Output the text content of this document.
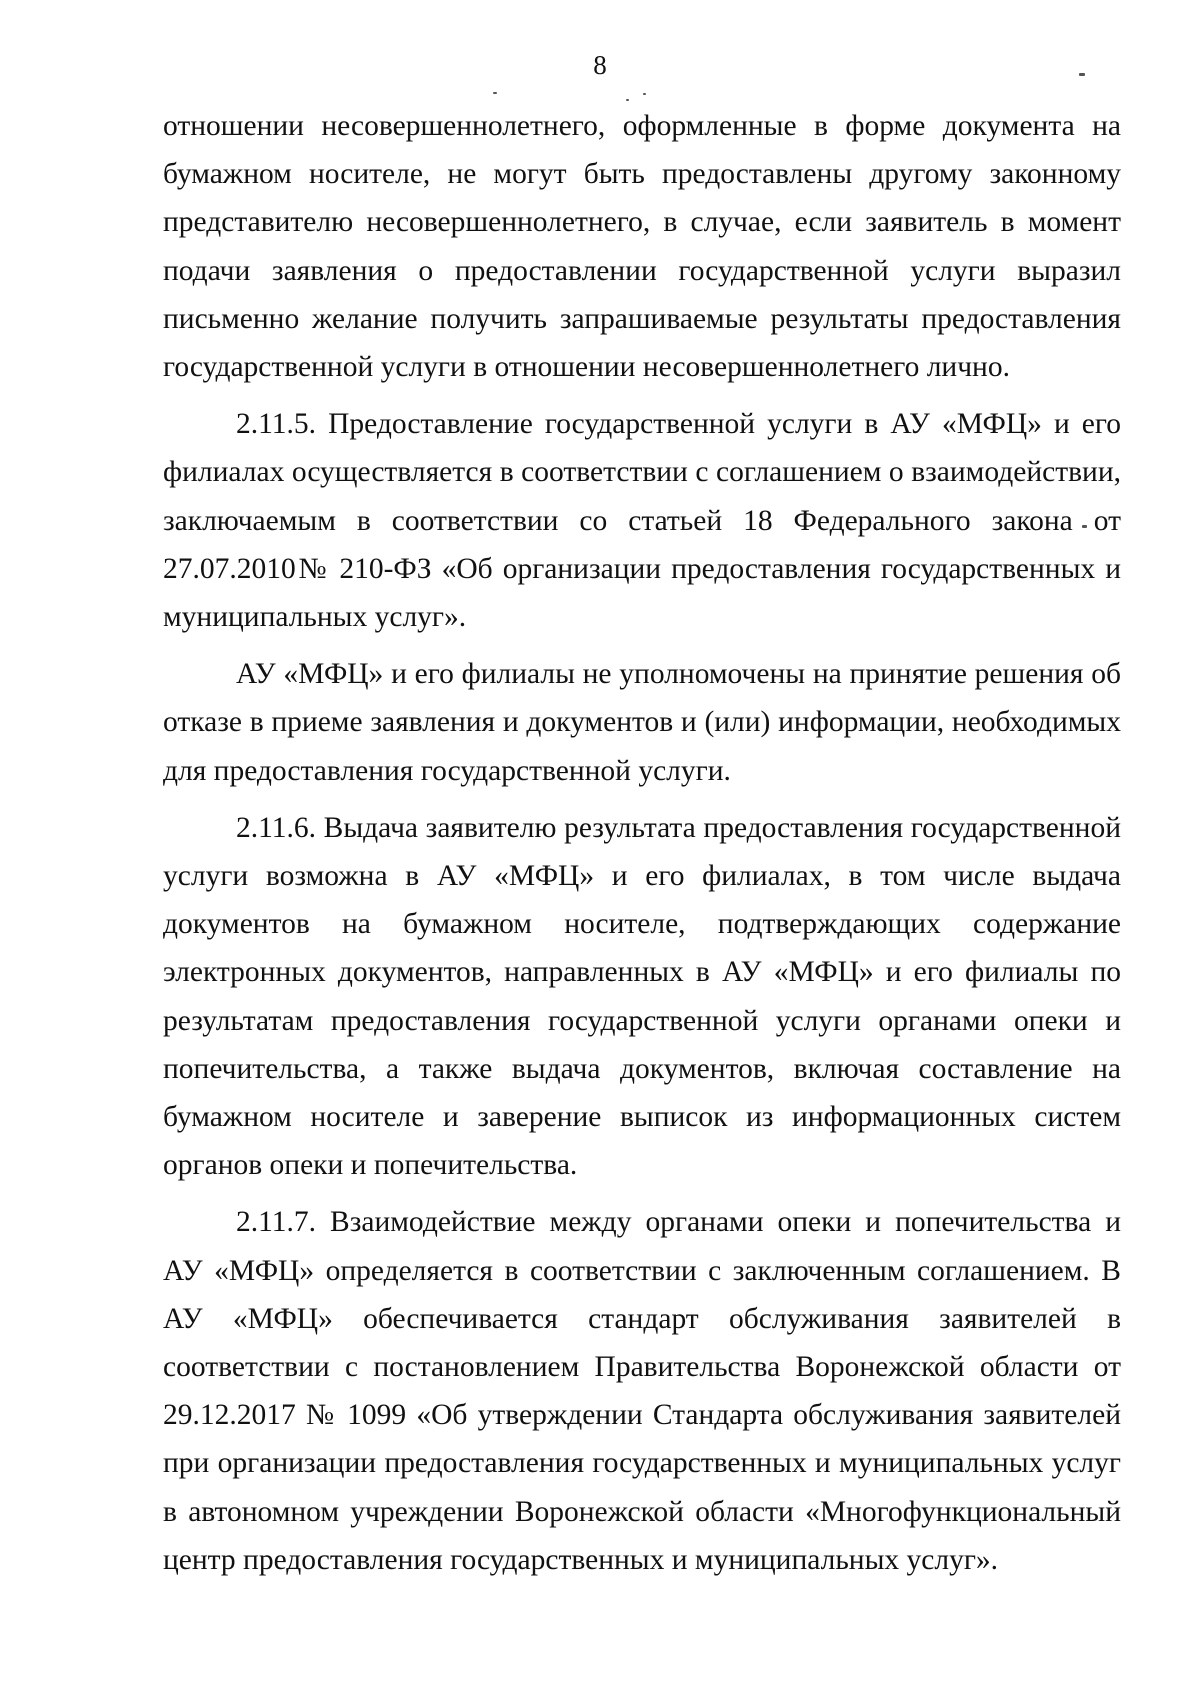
8

отношении несовершеннолетнего, оформленные в форме документа на бумажном носителе, не могут быть предоставлены другому законному представителю несовершеннолетнего, в случае, если заявитель в момент подачи заявления о предоставлении государственной услуги выразил письменно желание получить запрашиваемые результаты предоставления государственной услуги в отношении несовершеннолетнего лично.

2.11.5. Предоставление государственной услуги в АУ «МФЦ» и его филиалах осуществляется в соответствии с соглашением о взаимодействии, заключаемым в соответствии со статьей 18 Федерального закона от 27.07.2010№ 210-ФЗ «Об организации предоставления государственных и муниципальных услуг».

АУ «МФЦ» и его филиалы не уполномочены на принятие решения об отказе в приеме заявления и документов и (или) информации, необходимых для предоставления государственной услуги.

2.11.6. Выдача заявителю результата предоставления государственной услуги возможна в АУ «МФЦ» и его филиалах, в том числе выдача документов на бумажном носителе, подтверждающих содержание электронных документов, направленных в АУ «МФЦ» и его филиалы по результатам предоставления государственной услуги органами опеки и попечительства, а также выдача документов, включая составление на бумажном носителе и заверение выписок из информационных систем органов опеки и попечительства.

2.11.7. Взаимодействие между органами опеки и попечительства и АУ «МФЦ» определяется в соответствии с заключенным соглашением. В АУ «МФЦ» обеспечивается стандарт обслуживания заявителей в соответствии с постановлением Правительства Воронежской области от 29.12.2017 № 1099 «Об утверждении Стандарта обслуживания заявителей при организации предоставления государственных и муниципальных услуг в автономном учреждении Воронежской области «Многофункциональный центр предоставления государственных и муниципальных услуг».
